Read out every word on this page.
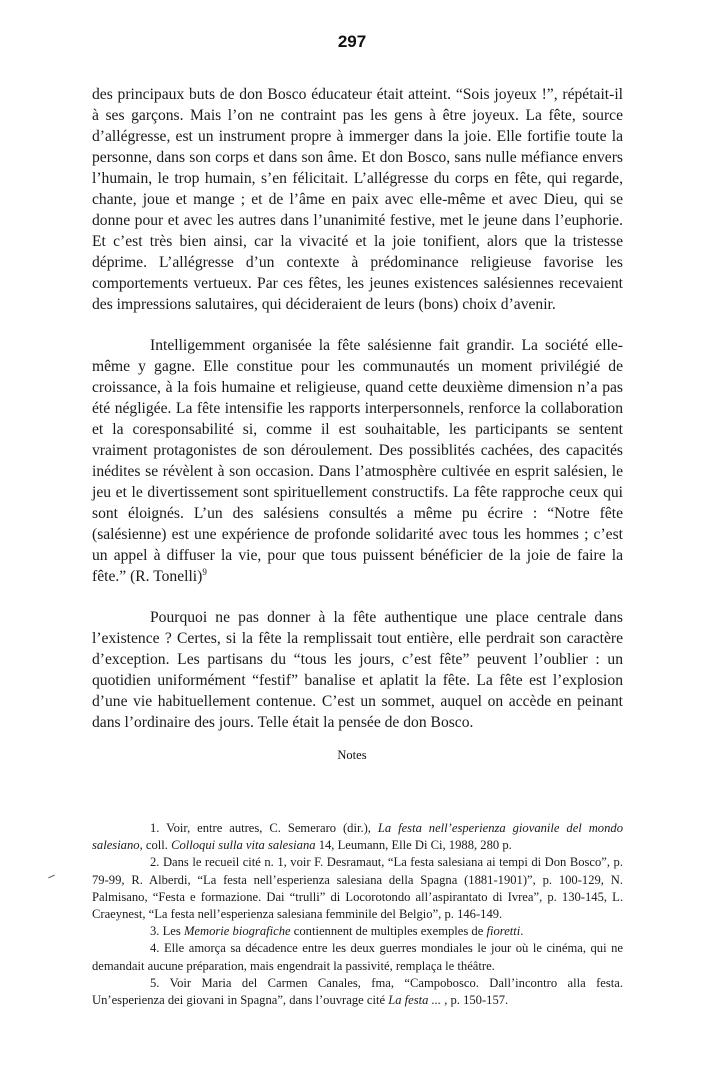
297

des principaux buts de don Bosco éducateur était atteint. “Sois joyeux !”, répétait-il à ses garçons. Mais l’on ne contraint pas les gens à être joyeux. La fête, source d’allégresse, est un instrument propre à immerger dans la joie. Elle fortifie toute la personne, dans son corps et dans son âme. Et don Bosco, sans nulle méfiance envers l’humain, le trop humain, s’en félicitait. L’allégresse du corps en fête, qui regarde, chante, joue et mange ; et de l’âme en paix avec elle-même et avec Dieu, qui se donne pour et avec les autres dans l’unanimité festive, met le jeune dans l’euphorie. Et c’est très bien ainsi, car la vivacité et la joie tonifient, alors que la tristesse déprime. L’allégresse d’un contexte à prédominance religieuse favorise les comportements vertueux. Par ces fêtes, les jeunes existences salésiennes recevaient des impressions salutaires, qui décideraient de leurs (bons) choix d’avenir.

Intelligemment organisée la fête salésienne fait grandir. La société elle-même y gagne. Elle constitue pour les communautés un moment privilégié de croissance, à la fois humaine et religieuse, quand cette deuxième dimension n’a pas été négligée. La fête intensifie les rapports interpersonnels, renforce la collaboration et la coresponsabilité si, comme il est souhaitable, les participants se sentent vraiment protagonistes de son déroulement. Des possiblités cachées, des capacités inédites se révèlent à son occasion. Dans l’atmosphère cultivée en esprit salésien, le jeu et le divertissement sont spirituellement constructifs. La fête rapproche ceux qui sont éloignés. L’un des salésiens consultés a même pu écrire : “Notre fête (salésienne) est une expérience de profonde solidarité avec tous les hommes ; c’est un appel à diffuser la vie, pour que tous puissent bénéficier de la joie de faire la fête.” (R. Tonelli)$^9$

Pourquoi ne pas donner à la fête authentique une place centrale dans l’existence ? Certes, si la fête la remplissait tout entière, elle perdrait son caractère d’exception. Les partisans du “tous les jours, c’est fête” peuvent l’oublier : un quotidien uniformément “festif” banalise et aplatit la fête. La fête est l’explosion d’une vie habituellement contenue. C’est un sommet, auquel on accède en peinant dans l’ordinaire des jours. Telle était la pensée de don Bosco.

Notes

1. Voir, entre autres, C. Semeraro (dir.), La festa nell’esperienza giovanile del mondo salesiano, coll. Colloqui sulla vita salesiana 14, Leumann, Elle Di Ci, 1988, 280 p.

2. Dans le recueil cité n. 1, voir F. Desramaut, “La festa salesiana ai tempi di Don Bosco”, p. 79-99, R. Alberdi, “La festa nell’esperienza salesiana della Spagna (1881-1901)”, p. 100-129, N. Palmisano, “Festa e formazione. Dai “trulli” di Locorotondo all’aspirantato di Ivrea”, p. 130-145, L. Craeynest, “La festa nell’esperienza salesiana femminile del Belgio”, p. 146-149.

3. Les Memorie biografiche contiennent de multiples exemples de fioretti.

4. Elle amorça sa décadence entre les deux guerres mondiales le jour où le cinéma, qui ne demandait aucune préparation, mais engendrait la passivité, remplaça le théâtre.

5. Voir Maria del Carmen Canales, fma, “Campobosco. Dall’incontro alla festa. Un’esperienza dei giovani in Spagna”, dans l’ouvrage cité La festa ... , p. 150-157.
